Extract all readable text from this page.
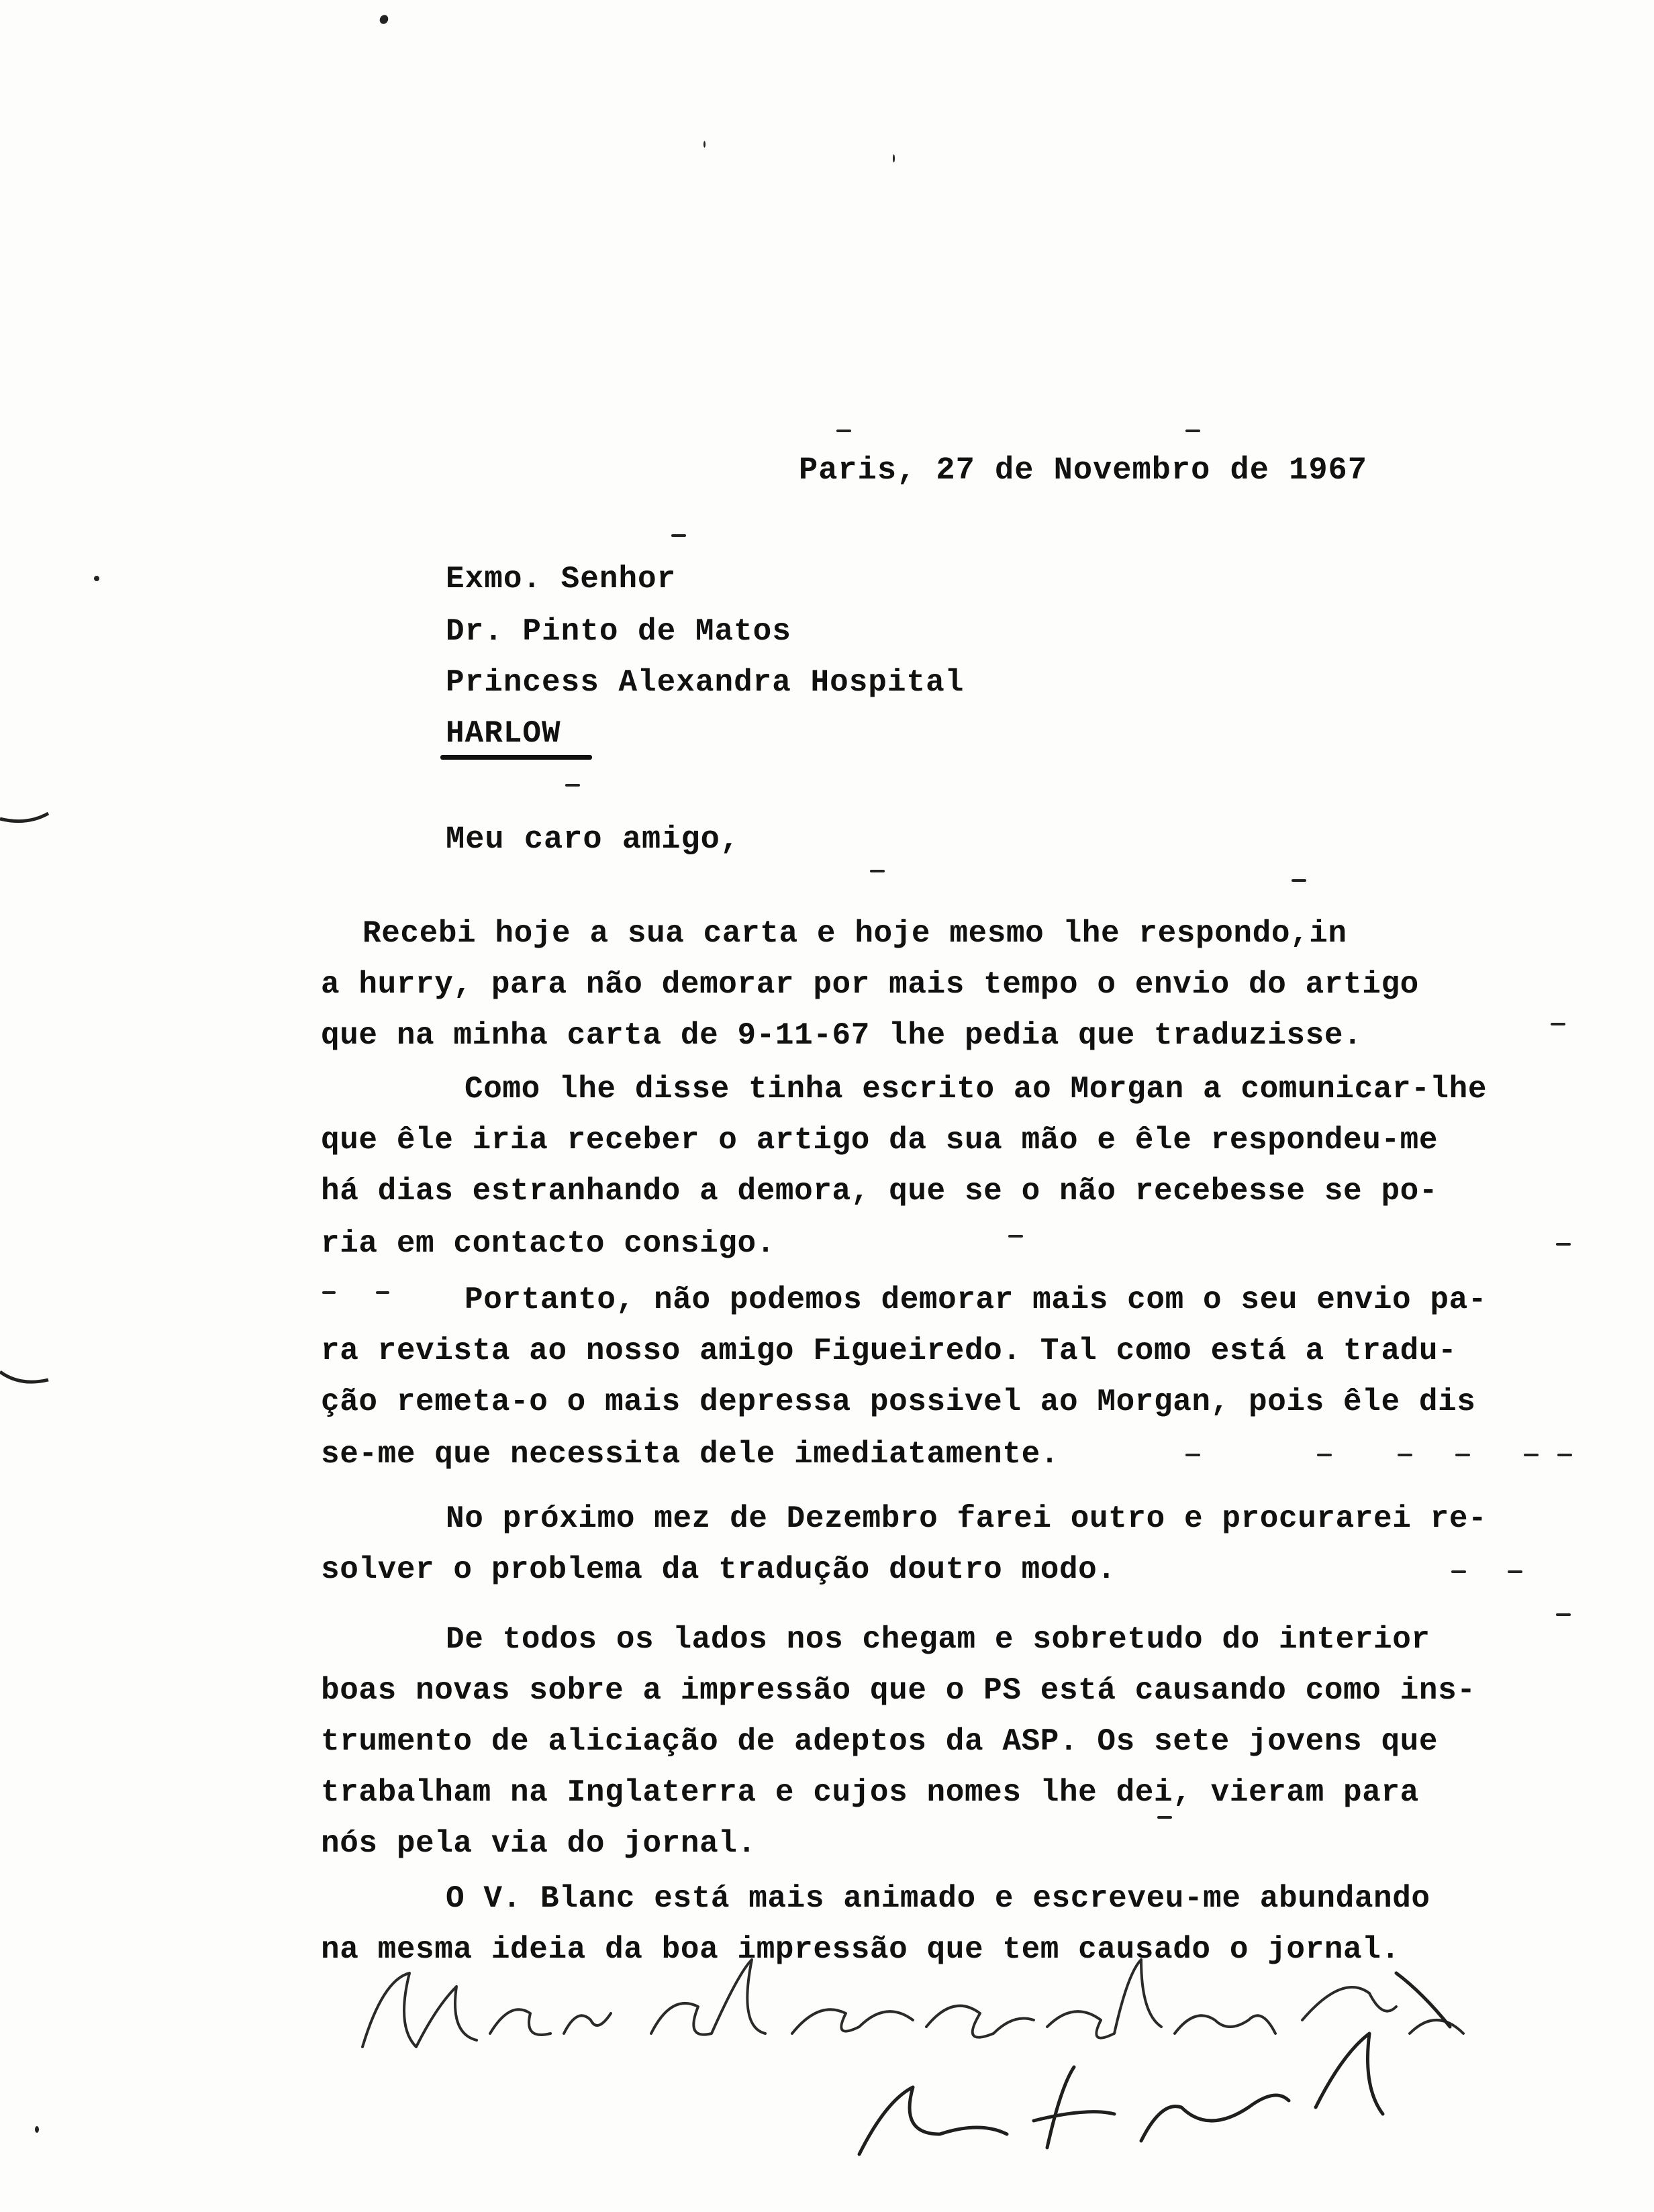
Paris, 27 de Novembro de 1967
Exmo. Senhor
Dr. Pinto de Matos
Princess Alexandra Hospital
HARLOW
Meu caro amigo,
Recebi hoje a sua carta e hoje mesmo lhe respondo,in
a hurry, para não demorar por mais tempo o envio do artigo
que na minha carta de 9-11-67 lhe pedia que traduzisse.
Como lhe disse tinha escrito ao Morgan a comunicar-lhe
que êle iria receber o artigo da sua mão e êle respondeu-me
há dias estranhando a demora, que se o não recebesse se po-
ria em contacto consigo.
Portanto, não podemos demorar mais com o seu envio pa-
ra revista ao nosso amigo Figueiredo. Tal como está a tradu-
ção remeta-o o mais depressa possivel ao Morgan, pois êle dis
se-me que necessita dele imediatamente.
No próximo mez de Dezembro farei outro e procurarei re-
solver o problema da tradução doutro modo.
De todos os lados nos chegam e sobretudo do interior
boas novas sobre a impressão que o PS está causando como ins-
trumento de aliciação de adeptos da ASP. Os sete jovens que
trabalham na Inglaterra e cujos nomes lhe dei, vieram para
nós pela via do jornal.
O V. Blanc está mais animado e escreveu-me abundando
na mesma ideia da boa impressão que tem causado o jornal.
